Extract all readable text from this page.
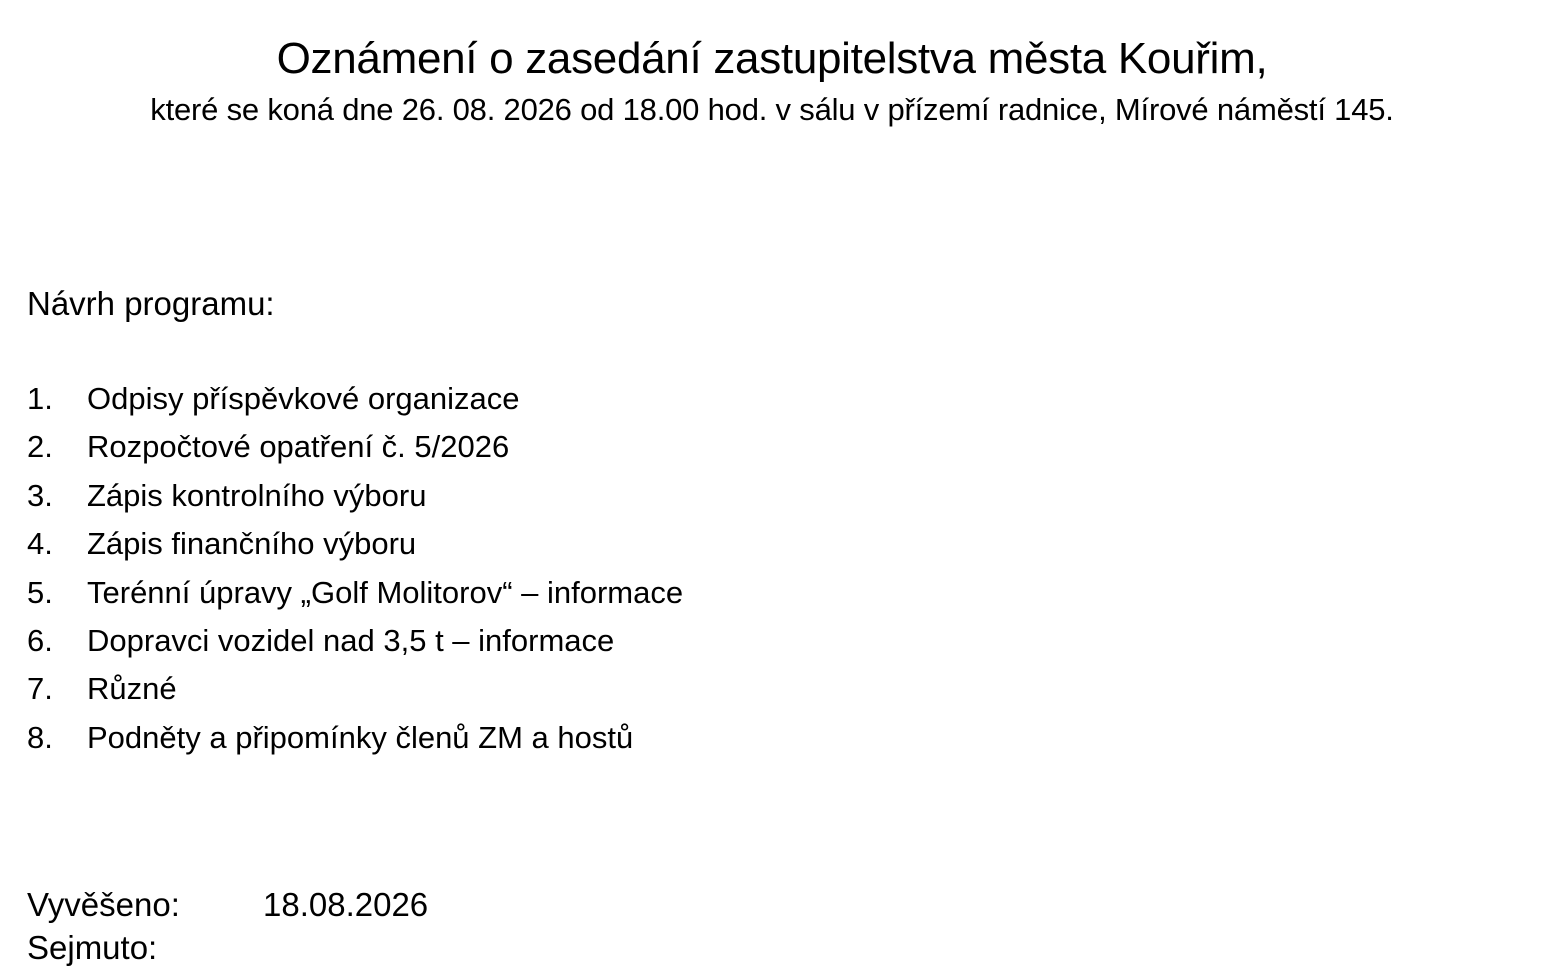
Oznámení o zasedání zastupitelstva města Kouřim,
které se koná dne 26. 08. 2026 od 18.00 hod. v sálu v přízemí radnice, Mírové náměstí 145.
Návrh programu:
1.	Odpisy příspěvkové organizace
2.	Rozpočtové opatření č. 5/2026
3.	Zápis kontrolního výboru
4.	Zápis finančního výboru
5.	Terénní úpravy „Golf Molitorov“ – informace
6.	Dopravci vozidel nad 3,5 t – informace
7.	Různé
8.	Podněty a připomínky členů ZM a hostů
Vyvěšeno:	18.08.2026
Sejmuto:
